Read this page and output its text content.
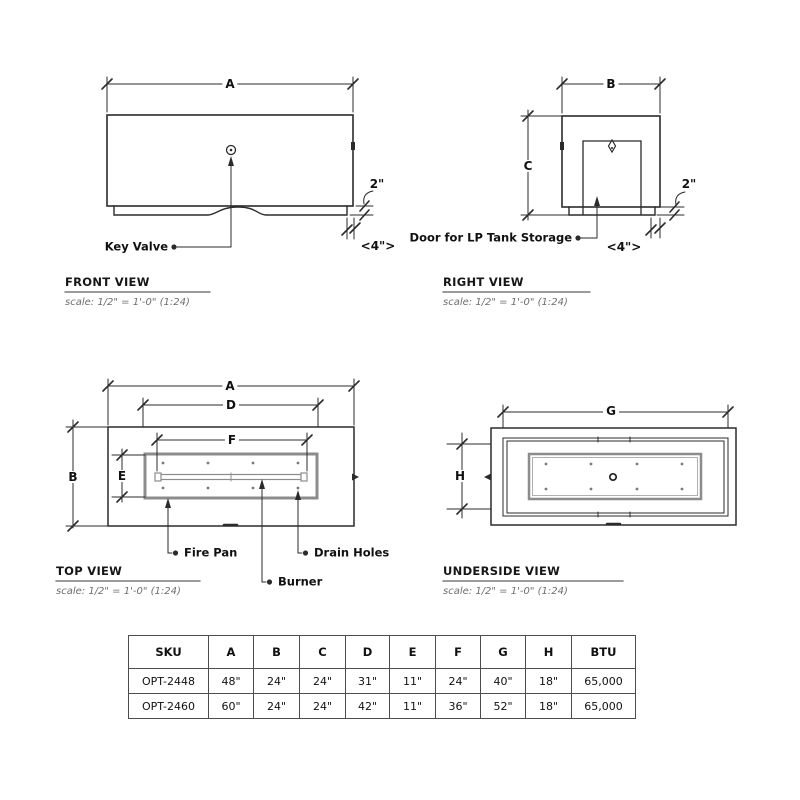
A
2"
<4">
Key Valve
FRONT VIEW
scale: 1/2" = 1'-0" (1:24)
B
C
2"
<4">
Door for LP Tank Storage
RIGHT VIEW
scale: 1/2" = 1'-0" (1:24)
A
D
F
B	E
Fire Pan	Drain Holes
Burner
TOP VIEW
scale: 1/2" = 1'-0" (1:24)
G
H
UNDERSIDE VIEW
scale: 1/2" = 1'-0" (1:24)
SKU	A	B	C	D	E	F	G	H	BTU
OPT-2448	48"	24"	24"	31"	11"	24"	40"	18"	65,000
OPT-2460	60"	24"	24"	42"	11"	36"	52"	18"	65,000
